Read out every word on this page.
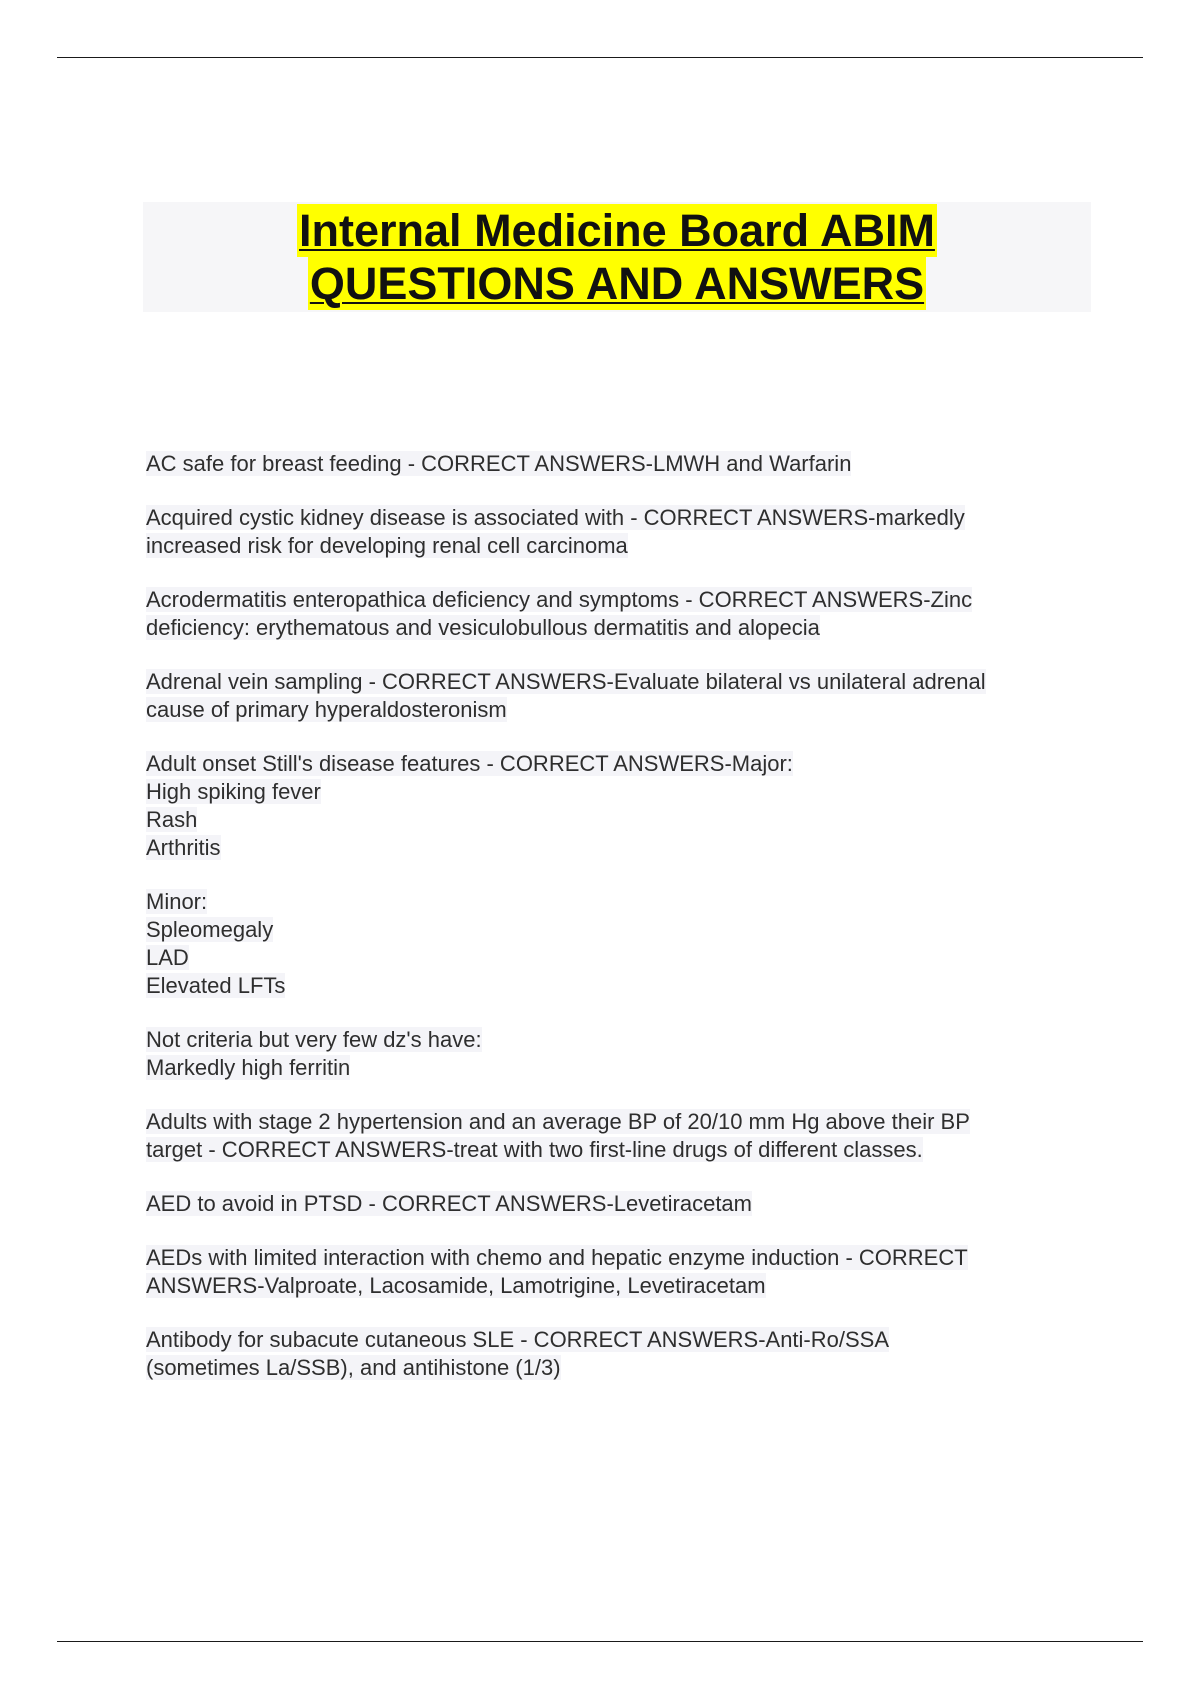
Internal Medicine Board ABIM
QUESTIONS AND ANSWERS
AC safe for breast feeding - CORRECT ANSWERS-LMWH and Warfarin
Acquired cystic kidney disease is associated with - CORRECT ANSWERS-markedly
increased risk for developing renal cell carcinoma
Acrodermatitis enteropathica deficiency and symptoms - CORRECT ANSWERS-Zinc
deficiency: erythematous and vesiculobullous dermatitis and alopecia
Adrenal vein sampling - CORRECT ANSWERS-Evaluate bilateral vs unilateral adrenal
cause of primary hyperaldosteronism
Adult onset Still's disease features - CORRECT ANSWERS-Major:
High spiking fever
Rash
Arthritis
Minor:
Spleomegaly
LAD
Elevated LFTs
Not criteria but very few dz's have:
Markedly high ferritin
Adults with stage 2 hypertension and an average BP of 20/10 mm Hg above their BP
target - CORRECT ANSWERS-treat with two first-line drugs of different classes.
AED to avoid in PTSD - CORRECT ANSWERS-Levetiracetam
AEDs with limited interaction with chemo and hepatic enzyme induction - CORRECT
ANSWERS-Valproate, Lacosamide, Lamotrigine, Levetiracetam
Antibody for subacute cutaneous SLE - CORRECT ANSWERS-Anti-Ro/SSA
(sometimes La/SSB), and antihistone (1/3)
